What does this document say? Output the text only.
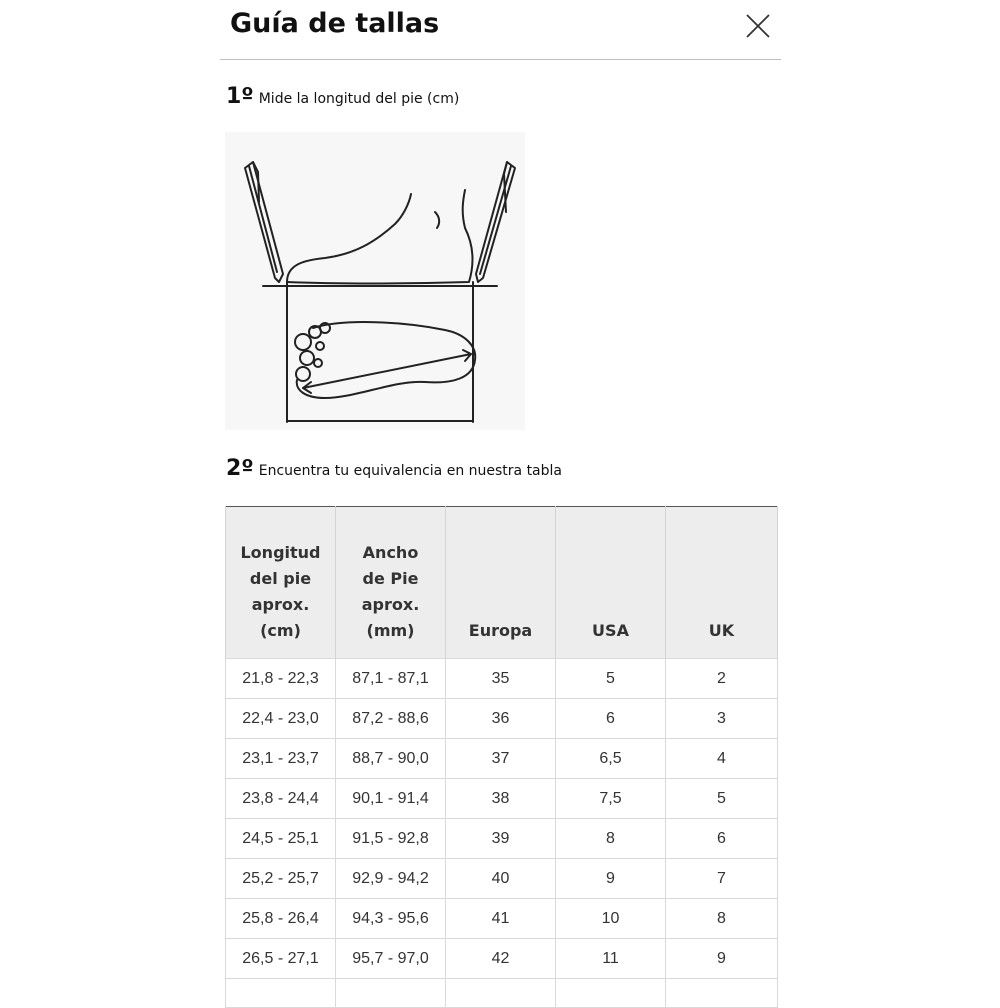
Guía de tallas
1º Mide la longitud del pie (cm)
2º Encuentra tu equivalencia en nuestra tabla
Longitud
del pie
aprox.
(cm)	Ancho
de Pie
aprox.
(mm)	Europa	USA	UK

21,8 - 22,3	87,1 - 87,1	35	5	2
22,4 - 23,0	87,2 - 88,6	36	6	3
23,1 - 23,7	88,7 - 90,0	37	6,5	4
23,8 - 24,4	90,1 - 91,4	38	7,5	5
24,5 - 25,1	91,5 - 92,8	39	8	6
25,2 - 25,7	92,9 - 94,2	40	9	7
25,8 - 26,4	94,3 - 95,6	41	10	8
26,5 - 27,1	95,7 - 97,0	42	11	9
